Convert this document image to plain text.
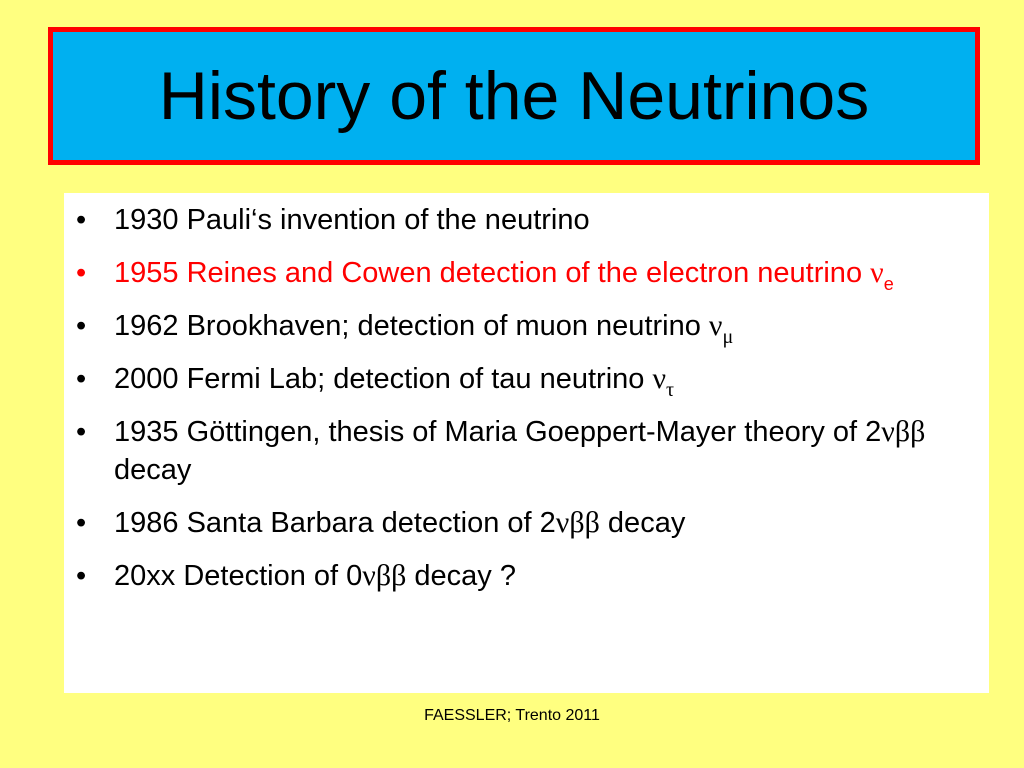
History of the Neutrinos
• 1930 Pauli‘s invention of the neutrino
• 1955 Reines and Cowen detection of the electron neutrino $\nu_e$
• 1962 Brookhaven; detection of muon neutrino $\nu_\mu$
• 2000 Fermi Lab; detection of tau neutrino $\nu_\tau$
• 1935 Göttingen, thesis of Maria Goeppert-Mayer theory of 2νββ decay
• 1986 Santa Barbara detection of 2νββ decay
• 20xx Detection of 0νββ decay ?
FAESSLER; Trento 2011
